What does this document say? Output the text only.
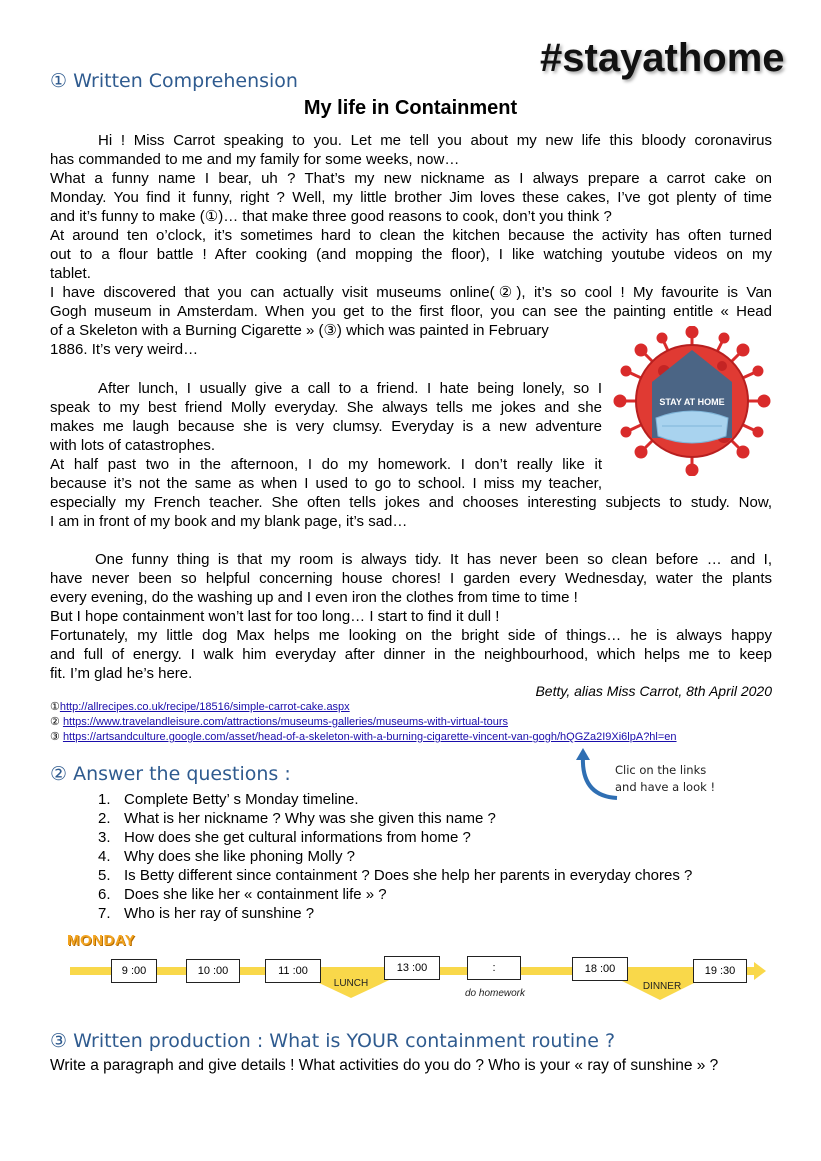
#stayathome
① Written Comprehension
My life in Containment
Hi ! Miss Carrot speaking to you. Let me tell you about my new life this bloody coronavirus
has commanded to me and my family for some weeks, now…
What a funny name I bear, uh ? That’s my new nickname as I always prepare a carrot cake on
Monday. You find it funny, right ? Well, my little brother Jim loves these cakes, I’ve got plenty of time
and it’s funny to make (①)… that make three good reasons to cook, don’t you think ?
At around ten o’clock, it’s sometimes hard to clean the kitchen because the activity has often turned
out to a flour battle ! After cooking (and mopping the floor), I like watching youtube videos on my
tablet.
I have discovered that you can actually visit museums online(②), it’s so cool ! My favourite is Van
Gogh museum in Amsterdam. When you get to the first floor, you can see the painting entitle « Head
of a Skeleton with a Burning Cigarette » (③) which was painted in February
1886. It’s very weird…
After lunch, I usually give a call to a friend. I hate being lonely, so I
speak to my best friend Molly everyday. She always tells me jokes and she
makes me laugh because she is very clumsy. Everyday is a new adventure
with lots of catastrophes.
At half past two in the afternoon, I do my homework. I don’t really like it
because it’s not the same as when I used to go to school. I miss my teacher,
especially my French teacher. She often tells jokes and chooses interesting subjects to study. Now,
I am in front of my book and my blank page, it’s sad…
STAY AT HOME
One funny thing is that my room is always tidy. It has never been so clean before … and I,
have never been so helpful concerning house chores! I garden every Wednesday, water the plants
every evening, do the washing up and I even iron the clothes from time to time !
But I hope containment won’t last for too long… I start to find it dull !
Fortunately, my little dog Max helps me looking on the bright side of things… he is always happy
and full of energy. I walk him everyday after dinner in the neighbourhood, which helps me to keep
fit. I’m glad he’s here.
Betty, alias Miss Carrot, 8th April 2020
①http://allrecipes.co.uk/recipe/18516/simple-carrot-cake.aspx
② https://www.travelandleisure.com/attractions/museums-galleries/museums-with-virtual-tours
③ https://artsandculture.google.com/asset/head-of-a-skeleton-with-a-burning-cigarette-vincent-van-gogh/hQGZa2I9Xi6lpA?hl=en
Clic on the links
and have a look !
② Answer the questions :
1. Complete Betty’ s Monday timeline.
2. What is her nickname ? Why was she given this name ?
3. How does she get cultural informations from home ?
4. Why does she like phoning Molly ?
5. Is Betty different since containment ? Does she help her parents in everyday chores ?
6. Does she like her « containment life » ?
7. Who is her ray of sunshine ?
MONDAY
9 :00	10 :00	11 :00	13 :00	:	18 :00	19 :30
LUNCH
do homework
DINNER
③ Written production : What is YOUR containment routine ?
Write a paragraph and give details ! What activities do you do ? Who is your « ray of sunshine » ?
